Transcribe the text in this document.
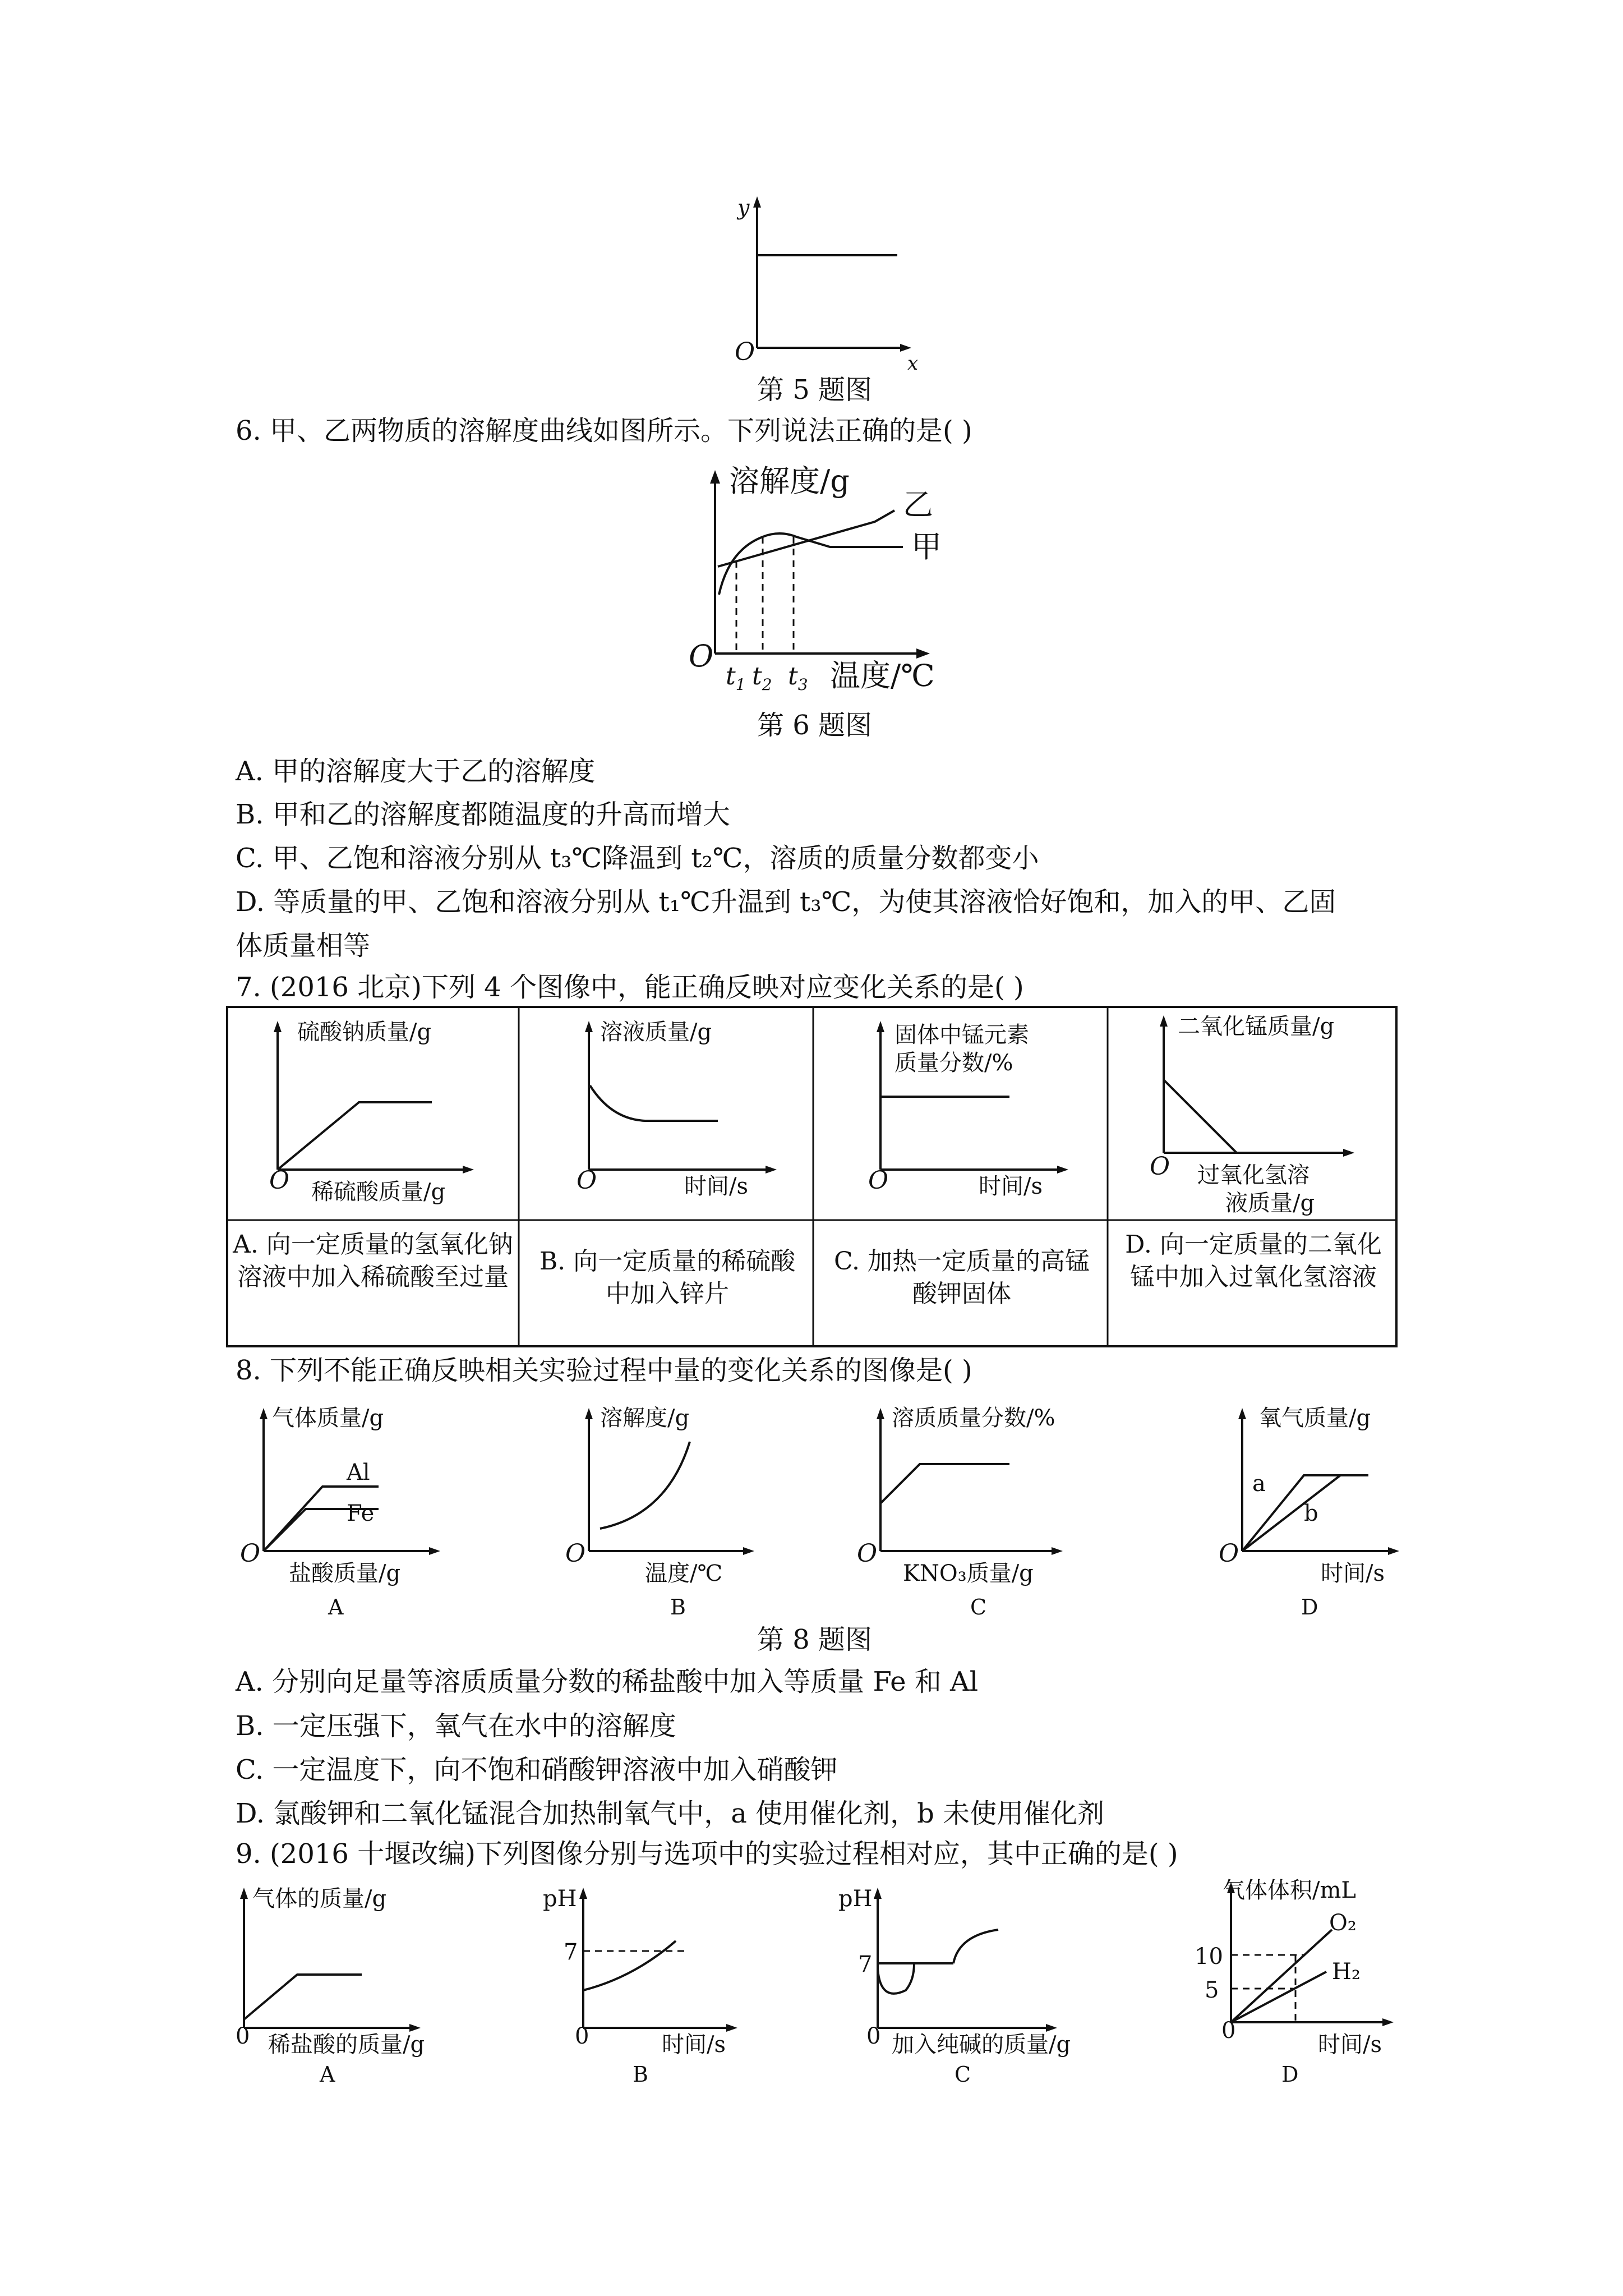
y
O	x
第 5 题图
6. 甲、乙两物质的溶解度曲线如图所示。下列说法正确的是( )
溶解度/g
乙
甲
O
$t_1$ $t_2$ $t_3$ 温度/℃
第 6 题图
A. 甲的溶解度大于乙的溶解度
B. 甲和乙的溶解度都随温度的升高而增大
C. 甲、乙饱和溶液分别从 t₃℃降温到 t₂℃，溶质的质量分数都变小
D. 等质量的甲、乙饱和溶液分别从 t₁℃升温到 t₃℃，为使其溶液恰好饱和，加入的甲、乙固
体质量相等
7. (2016 北京)下列 4 个图像中，能正确反映对应变化关系的是( )
硫酸钠质量/g
O 稀硫酸质量/g
溶液质量/g
O	时间/s
固体中锰元素
质量分数/%
O	时间/s
二氧化锰质量/g
O 过氧化氢溶
液质量/g
A. 向一定质量的氢氧化钠溶液中加入稀硫酸至过量
B. 向一定质量的稀硫酸中加入锌片
C. 加热一定质量的高锰酸钾固体
D. 向一定质量的二氧化锰中加入过氧化氢溶液
8. 下列不能正确反映相关实验过程中量的变化关系的图像是( )
气体质量/g
Al
Fe
O
盐酸质量/g
A
溶解度/g
O
温度/℃
B
溶质质量分数/%
O
KNO₃质量/g
C
氧气质量/g
a
b
O
时间/s
D
第 8 题图
A. 分别向足量等溶质质量分数的稀盐酸中加入等质量 Fe 和 Al
B. 一定压强下，氧气在水中的溶解度
C. 一定温度下，向不饱和硝酸钾溶液中加入硝酸钾
D. 氯酸钾和二氧化锰混合加热制氧气中，a 使用催化剂，b 未使用催化剂
9. (2016 十堰改编)下列图像分别与选项中的实验过程相对应，其中正确的是( )
气体的质量/g
0 稀盐酸的质量/g
A
pH
7
0	时间/s
B
pH
7
0 加入纯碱的质量/g
C
气体体积/mL
O₂
H₂
10
5
0
时间/s
D
